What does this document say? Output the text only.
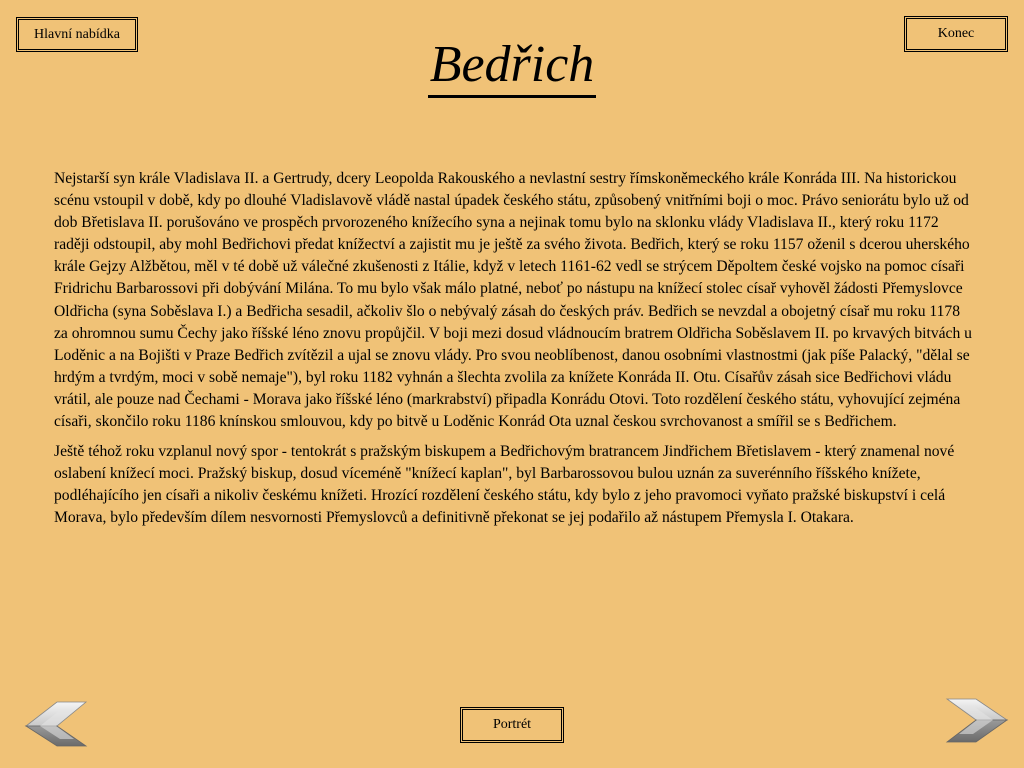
Hlavní nabídka	Konec
Bedřich

Nejstarší syn krále Vladislava II. a Gertrudy, dcery Leopolda Rakouského a nevlastní sestry římskoněmeckého krále Konráda III. Na historickou scénu vstoupil v době, kdy po dlouhé Vladislavově vládě nastal úpadek českého státu, způsobený vnitřními boji o moc. Právo seniorátu bylo už od dob Břetislava II. porušováno ve prospěch prvorozeného knížecího syna a nejinak tomu bylo na sklonku vlády Vladislava II., který roku 1172 raději odstoupil, aby mohl Bedřichovi předat knížectví a zajistit mu je ještě za svého života. Bedřich, který se roku 1157 oženil s dcerou uherského krále Gejzy Alžbětou, měl v té době už válečné zkušenosti z Itálie, když v letech 1161-62 vedl se strýcem Děpoltem české vojsko na pomoc císaři Fridrichu Barbarossovi při dobývání Milána. To mu bylo však málo platné, neboť po nástupu na knížecí stolec císař vyhověl žádosti Přemyslovce Oldřicha (syna Soběslava I.) a Bedřicha sesadil, ačkoliv šlo o nebývalý zásah do českých práv. Bedřich se nevzdal a obojetný císař mu roku 1178 za ohromnou sumu Čechy jako říšské léno znovu propůjčil. V boji mezi dosud vládnoucím bratrem Oldřicha Soběslavem II. po krvavých bitvách u Loděnic a na Bojišti v Praze Bedřich zvítězil a ujal se znovu vlády. Pro svou neoblíbenost, danou osobními vlastnostmi (jak píše Palacký, "dělal se hrdým a tvrdým, moci v sobě nemaje"), byl roku 1182 vyhnán a šlechta zvolila za knížete Konráda II. Otu. Císařův zásah sice Bedřichovi vládu vrátil, ale pouze nad Čechami - Morava jako říšské léno (markrabství) připadla Konrádu Otovi. Toto rozdělení českého státu, vyhovující zejména císaři, skončilo roku 1186 knínskou smlouvou, kdy po bitvě u Loděnic Konrád Ota uznal českou svrchovanost a smířil se s Bedřichem.

Ještě téhož roku vzplanul nový spor - tentokrát s pražským biskupem a Bedřichovým bratrancem Jindřichem Břetislavem - který znamenal nové oslabení knížecí moci. Pražský biskup, dosud víceméně "knížecí kaplan", byl Barbarossovou bulou uznán za suverénního říšského knížete, podléhajícího jen císaři a nikoliv českému knížeti. Hrozící rozdělení českého státu, kdy bylo z jeho pravomoci vyňato pražské biskupství i celá Morava, bylo především dílem nesvornosti Přemyslovců a definitivně překonat se jej podařilo až nástupem Přemysla I. Otakara.

Portrét
